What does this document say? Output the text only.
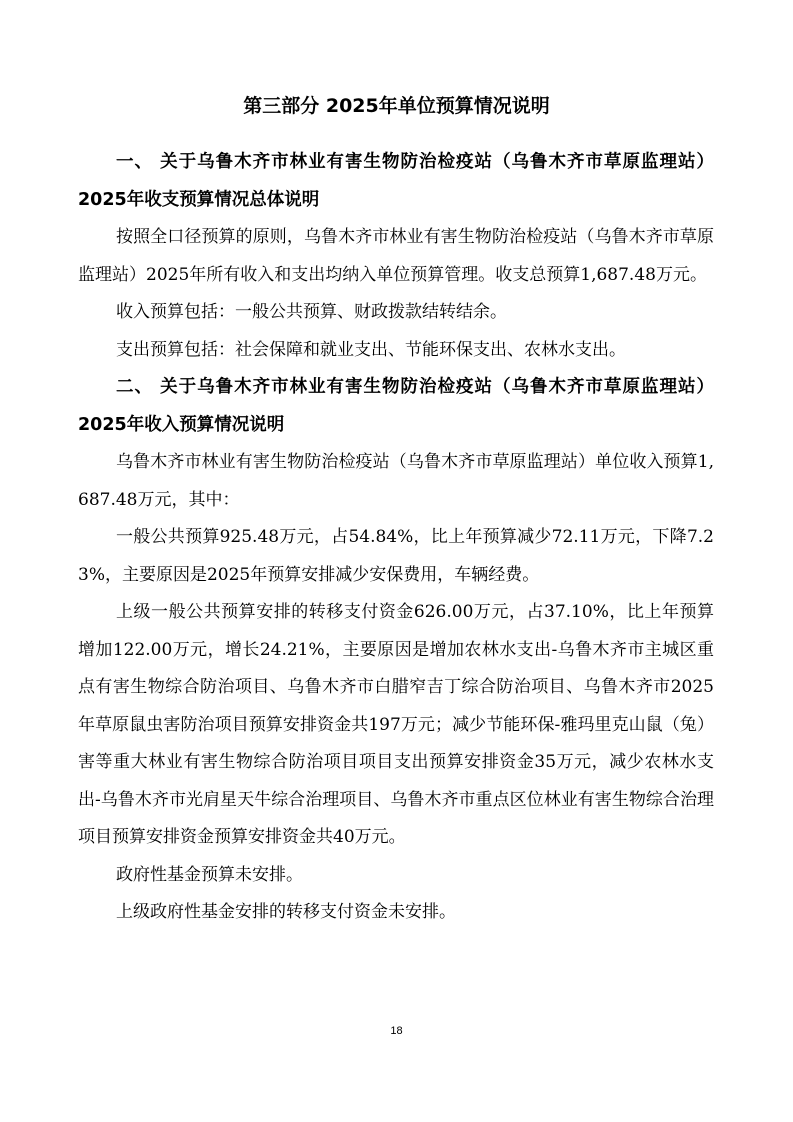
第三部分 2025年单位预算情况说明
一、 关于乌鲁木齐市林业有害生物防治检疫站（乌鲁木齐市草原监理站）
2025年收支预算情况总体说明

按照全口径预算的原则，乌鲁木齐市林业有害生物防治检疫站（乌鲁木齐市草原监理站）2025年所有收入和支出均纳入单位预算管理。收支总预算1,687.48万元。

收入预算包括：一般公共预算、财政拨款结转结余。

支出预算包括：社会保障和就业支出、节能环保支出、农林水支出。

二、 关于乌鲁木齐市林业有害生物防治检疫站（乌鲁木齐市草原监理站）
2025年收入预算情况说明

乌鲁木齐市林业有害生物防治检疫站（乌鲁木齐市草原监理站）单位收入预算1,687.48万元，其中：

一般公共预算925.48万元，占54.84%，比上年预算减少72.11万元，下降7.23%，主要原因是2025年预算安排减少安保费用，车辆经费。

上级一般公共预算安排的转移支付资金626.00万元，占37.10%，比上年预算增加122.00万元，增长24.21%，主要原因是增加农林水支出-乌鲁木齐市主城区重点有害生物综合防治项目、乌鲁木齐市白腊窄吉丁综合防治项目、乌鲁木齐市2025年草原鼠虫害防治项目预算安排资金共197万元；减少节能环保-雅玛里克山鼠（兔）害等重大林业有害生物综合防治项目项目支出预算安排资金35万元，减少农林水支出-乌鲁木齐市光肩星天牛综合治理项目、乌鲁木齐市重点区位林业有害生物综合治理项目预算安排资金预算安排资金共40万元。

政府性基金预算未安排。

上级政府性基金安排的转移支付资金未安排。

18
